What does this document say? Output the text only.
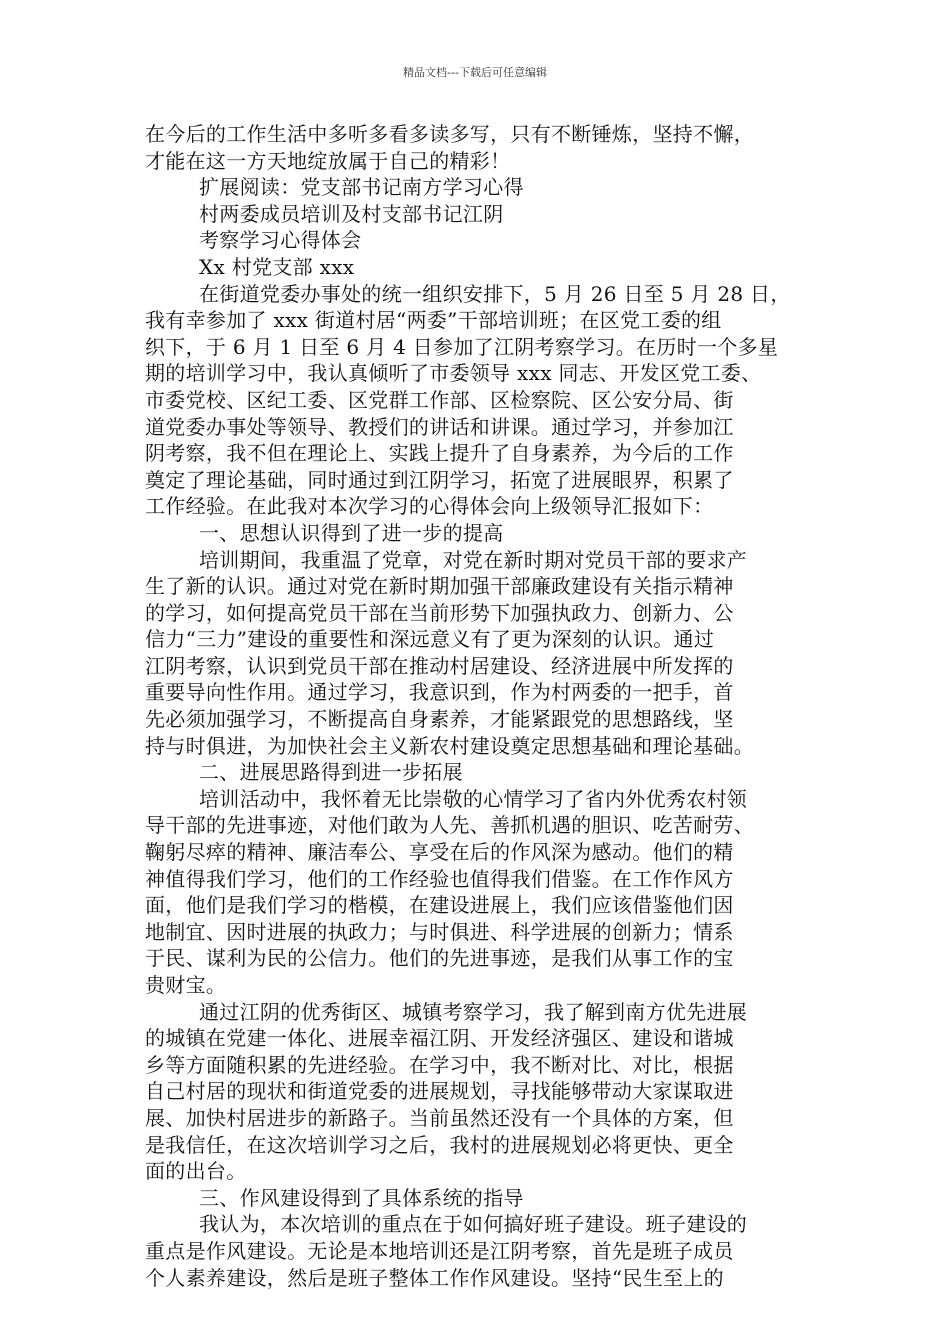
精品文档---下载后可任意编辑
在今后的工作生活中多听多看多读多写，只有不断锤炼，坚持不懈，
才能在这一方天地绽放属于自己的精彩！
扩展阅读：党支部书记南方学习心得
村两委成员培训及村支部书记江阴
考察学习心得体会
Xx 村党支部 xxx
在街道党委办事处的统一组织安排下，5 月 26 日至 5 月 28 日，
我有幸参加了 xxx 街道村居“两委”干部培训班；在区党工委的组
织下，于 6 月 1 日至 6 月 4 日参加了江阴考察学习。在历时一个多星
期的培训学习中，我认真倾听了市委领导 xxx 同志、开发区党工委、
市委党校、区纪工委、区党群工作部、区检察院、区公安分局、街
道党委办事处等领导、教授们的讲话和讲课。通过学习，并参加江
阴考察，我不但在理论上、实践上提升了自身素养，为今后的工作
奠定了理论基础，同时通过到江阴学习，拓宽了进展眼界，积累了
工作经验。在此我对本次学习的心得体会向上级领导汇报如下：
一、思想认识得到了进一步的提高
培训期间，我重温了党章，对党在新时期对党员干部的要求产
生了新的认识。通过对党在新时期加强干部廉政建设有关指示精神
的学习，如何提高党员干部在当前形势下加强执政力、创新力、公
信力“三力”建设的重要性和深远意义有了更为深刻的认识。通过
江阴考察，认识到党员干部在推动村居建设、经济进展中所发挥的
重要导向性作用。通过学习，我意识到，作为村两委的一把手，首
先必须加强学习，不断提高自身素养，才能紧跟党的思想路线，坚
持与时俱进，为加快社会主义新农村建设奠定思想基础和理论基础。
二、进展思路得到进一步拓展
培训活动中，我怀着无比崇敬的心情学习了省内外优秀农村领
导干部的先进事迹，对他们敢为人先、善抓机遇的胆识、吃苦耐劳、
鞠躬尽瘁的精神、廉洁奉公、享受在后的作风深为感动。他们的精
神值得我们学习，他们的工作经验也值得我们借鉴。在工作作风方
面，他们是我们学习的楷模，在建设进展上，我们应该借鉴他们因
地制宜、因时进展的执政力；与时俱进、科学进展的创新力；情系
于民、谋利为民的公信力。他们的先进事迹，是我们从事工作的宝
贵财宝。
通过江阴的优秀街区、城镇考察学习，我了解到南方优先进展
的城镇在党建一体化、进展幸福江阴、开发经济强区、建设和谐城
乡等方面随积累的先进经验。在学习中，我不断对比、对比，根据
自己村居的现状和街道党委的进展规划，寻找能够带动大家谋取进
展、加快村居进步的新路子。当前虽然还没有一个具体的方案，但
是我信任，在这次培训学习之后，我村的进展规划必将更快、更全
面的出台。
三、作风建设得到了具体系统的指导
我认为，本次培训的重点在于如何搞好班子建设。班子建设的
重点是作风建设。无论是本地培训还是江阴考察，首先是班子成员
个人素养建设，然后是班子整体工作作风建设。坚持“民生至上的
